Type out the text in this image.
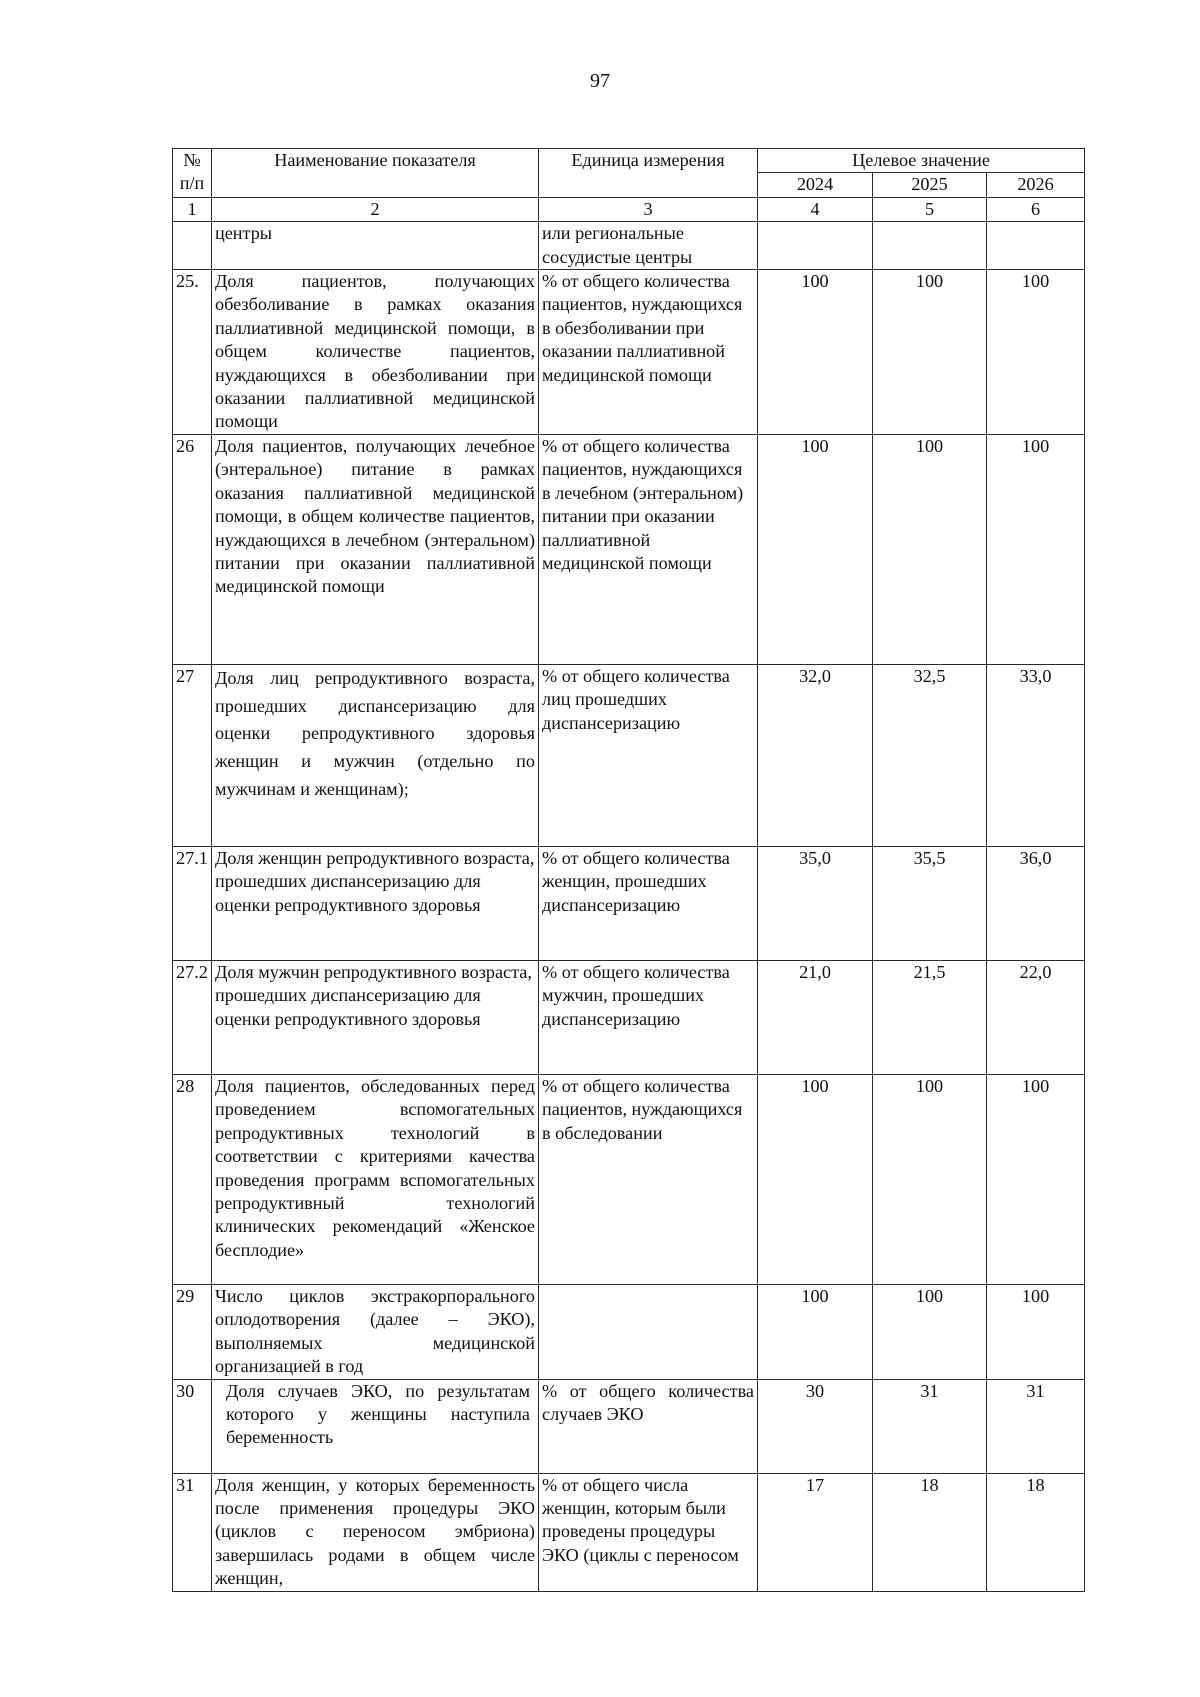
97
№ п/п	Наименование показателя	Единица измерения	Целевое значение		
			2024	2025	2026
1	2	3	4	5	6
	центры	или региональные сосудистые центры			
25.	Доля пациентов, получающих обезболивание в рамках оказания паллиативной медицинской помощи, в общем количестве пациентов, нуждающихся в обезболивании при оказании паллиативной медицинской помощи	% от общего количества пациентов, нуждающихся в обезболивании при оказании паллиативной медицинской помощи	100	100	100
26	Доля пациентов, получающих лечебное (энтеральное) питание в рамках оказания паллиативной медицинской помощи, в общем количестве пациентов, нуждающихся в лечебном (энтеральном) питании при оказании паллиативной медицинской помощи	% от общего количества пациентов, нуждающихся в лечебном (энтеральном) питании при оказании паллиативной медицинской помощи	100	100	100
27	Доля лиц репродуктивного возраста, прошедших диспансеризацию для оценки репродуктивного здоровья женщин и мужчин (отдельно по мужчинам и женщинам);	% от общего количества лиц прошедших диспансеризацию	32,0	32,5	33,0
27.1	Доля женщин репродуктивного возраста, прошедших диспансеризацию для оценки репродуктивного здоровья	% от общего количества женщин, прошедших диспансеризацию	35,0	35,5	36,0
27.2	Доля мужчин репродуктивного возраста, прошедших диспансеризацию для оценки репродуктивного здоровья	% от общего количества мужчин, прошедших диспансеризацию	21,0	21,5	22,0
28	Доля пациентов, обследованных перед проведением вспомогательных репродуктивных технологий в соответствии с критериями качества проведения программ вспомогательных репродуктивный технологий клинических рекомендаций «Женское бесплодие»	% от общего количества пациентов, нуждающихся в обследовании	100	100	100
29	Число циклов экстракорпорального оплодотворения (далее – ЭКО), выполняемых медицинской организацией в год		100	100	100
30	Доля случаев ЭКО, по результатам которого у женщины наступила беременность	% от общего количества случаев ЭКО	30	31	31
31	Доля женщин, у которых беременность после применения процедуры ЭКО (циклов с переносом эмбриона) завершилась родами в общем числе женщин,	% от общего числа женщин, которым были проведены процедуры ЭКО (циклы с переносом	17	18	18
